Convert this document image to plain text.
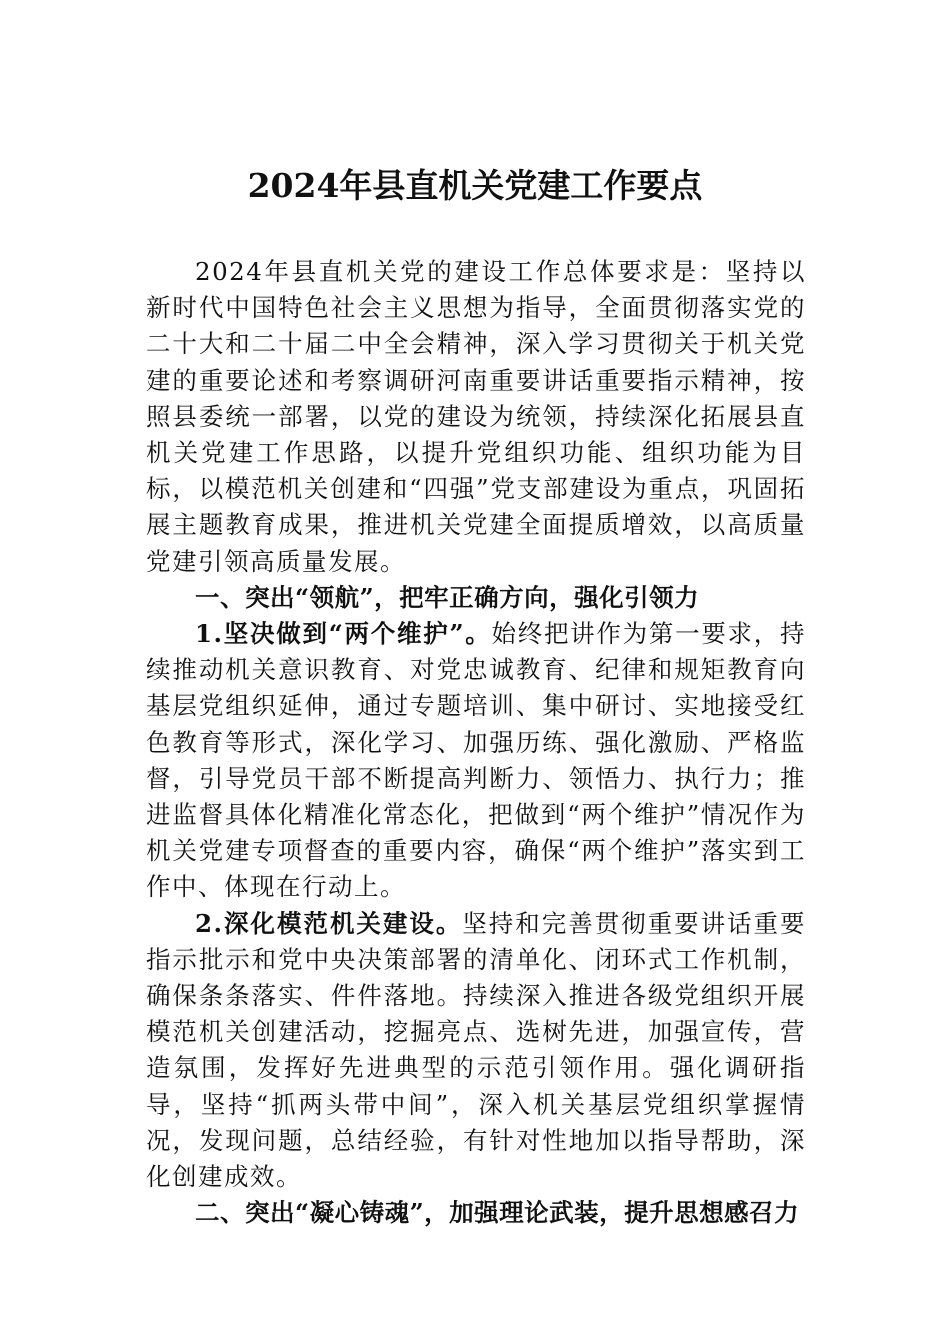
2024年县直机关党建工作要点

2024年县直机关党的建设工作总体要求是：坚持以新时代中国特色社会主义思想为指导，全面贯彻落实党的二十大和二十届二中全会精神，深入学习贯彻关于机关党建的重要论述和考察调研河南重要讲话重要指示精神，按照县委统一部署，以党的建设为统领，持续深化拓展县直机关党建工作思路，以提升党组织功能、组织功能为目标，以模范机关创建和“四强”党支部建设为重点，巩固拓展主题教育成果，推进机关党建全面提质增效，以高质量党建引领高质量发展。

一、突出“领航”，把牢正确方向，强化引领力

1.坚决做到“两个维护”。始终把讲作为第一要求，持续推动机关意识教育、对党忠诚教育、纪律和规矩教育向基层党组织延伸，通过专题培训、集中研讨、实地接受红色教育等形式，深化学习、加强历练、强化激励、严格监督，引导党员干部不断提高判断力、领悟力、执行力；推进监督具体化精准化常态化，把做到“两个维护”情况作为机关党建专项督查的重要内容，确保“两个维护”落实到工作中、体现在行动上。

2.深化模范机关建设。坚持和完善贯彻重要讲话重要指示批示和党中央决策部署的清单化、闭环式工作机制，确保条条落实、件件落地。持续深入推进各级党组织开展模范机关创建活动，挖掘亮点、选树先进，加强宣传，营造氛围，发挥好先进典型的示范引领作用。强化调研指导，坚持“抓两头带中间”，深入机关基层党组织掌握情况，发现问题，总结经验，有针对性地加以指导帮助，深化创建成效。

二、突出“凝心铸魂”，加强理论武装，提升思想感召力
